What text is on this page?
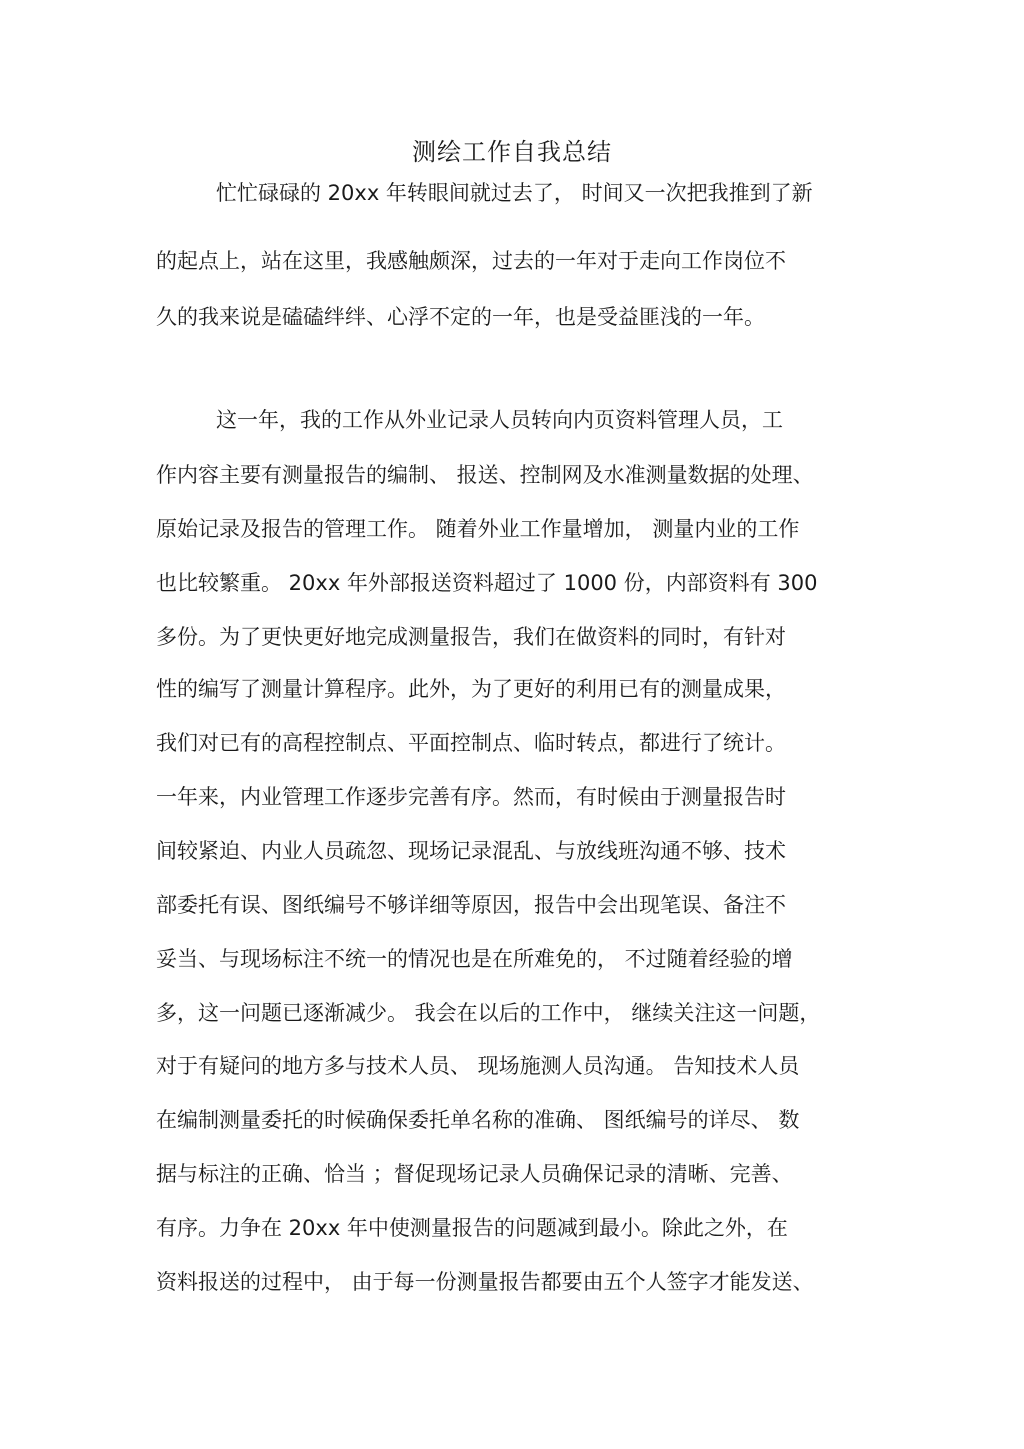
测绘工作自我总结

忙忙碌碌的 20xx 年转眼间就过去了， 时间又一次把我推到了新

的起点上，站在这里，我感触颇深，过去的一年对于走向工作岗位不

久的我来说是磕磕绊绊、心浮不定的一年，也是受益匪浅的一年。

这一年，我的工作从外业记录人员转向内页资料管理人员，工

作内容主要有测量报告的编制、 报送、控制网及水准测量数据的处理、

原始记录及报告的管理工作。 随着外业工作量增加， 测量内业的工作

也比较繁重。 20xx 年外部报送资料超过了 1000 份，内部资料有 300

多份。为了更快更好地完成测量报告，我们在做资料的同时，有针对

性的编写了测量计算程序。此外，为了更好的利用已有的测量成果，

我们对已有的高程控制点、平面控制点、临时转点，都进行了统计。

一年来，内业管理工作逐步完善有序。然而，有时候由于测量报告时

间较紧迫、内业人员疏忽、现场记录混乱、与放线班沟通不够、技术

部委托有误、图纸编号不够详细等原因，报告中会出现笔误、备注不

妥当、与现场标注不统一的情况也是在所难免的， 不过随着经验的增

多，这一问题已逐渐减少。 我会在以后的工作中， 继续关注这一问题，

对于有疑问的地方多与技术人员、 现场施测人员沟通。 告知技术人员

在编制测量委托的时候确保委托单名称的准确、 图纸编号的详尽、 数

据与标注的正确、恰当 ；督促现场记录人员确保记录的清晰、完善、

有序。力争在 20xx 年中使测量报告的问题减到最小。除此之外，在

资料报送的过程中， 由于每一份测量报告都要由五个人签字才能发送、
